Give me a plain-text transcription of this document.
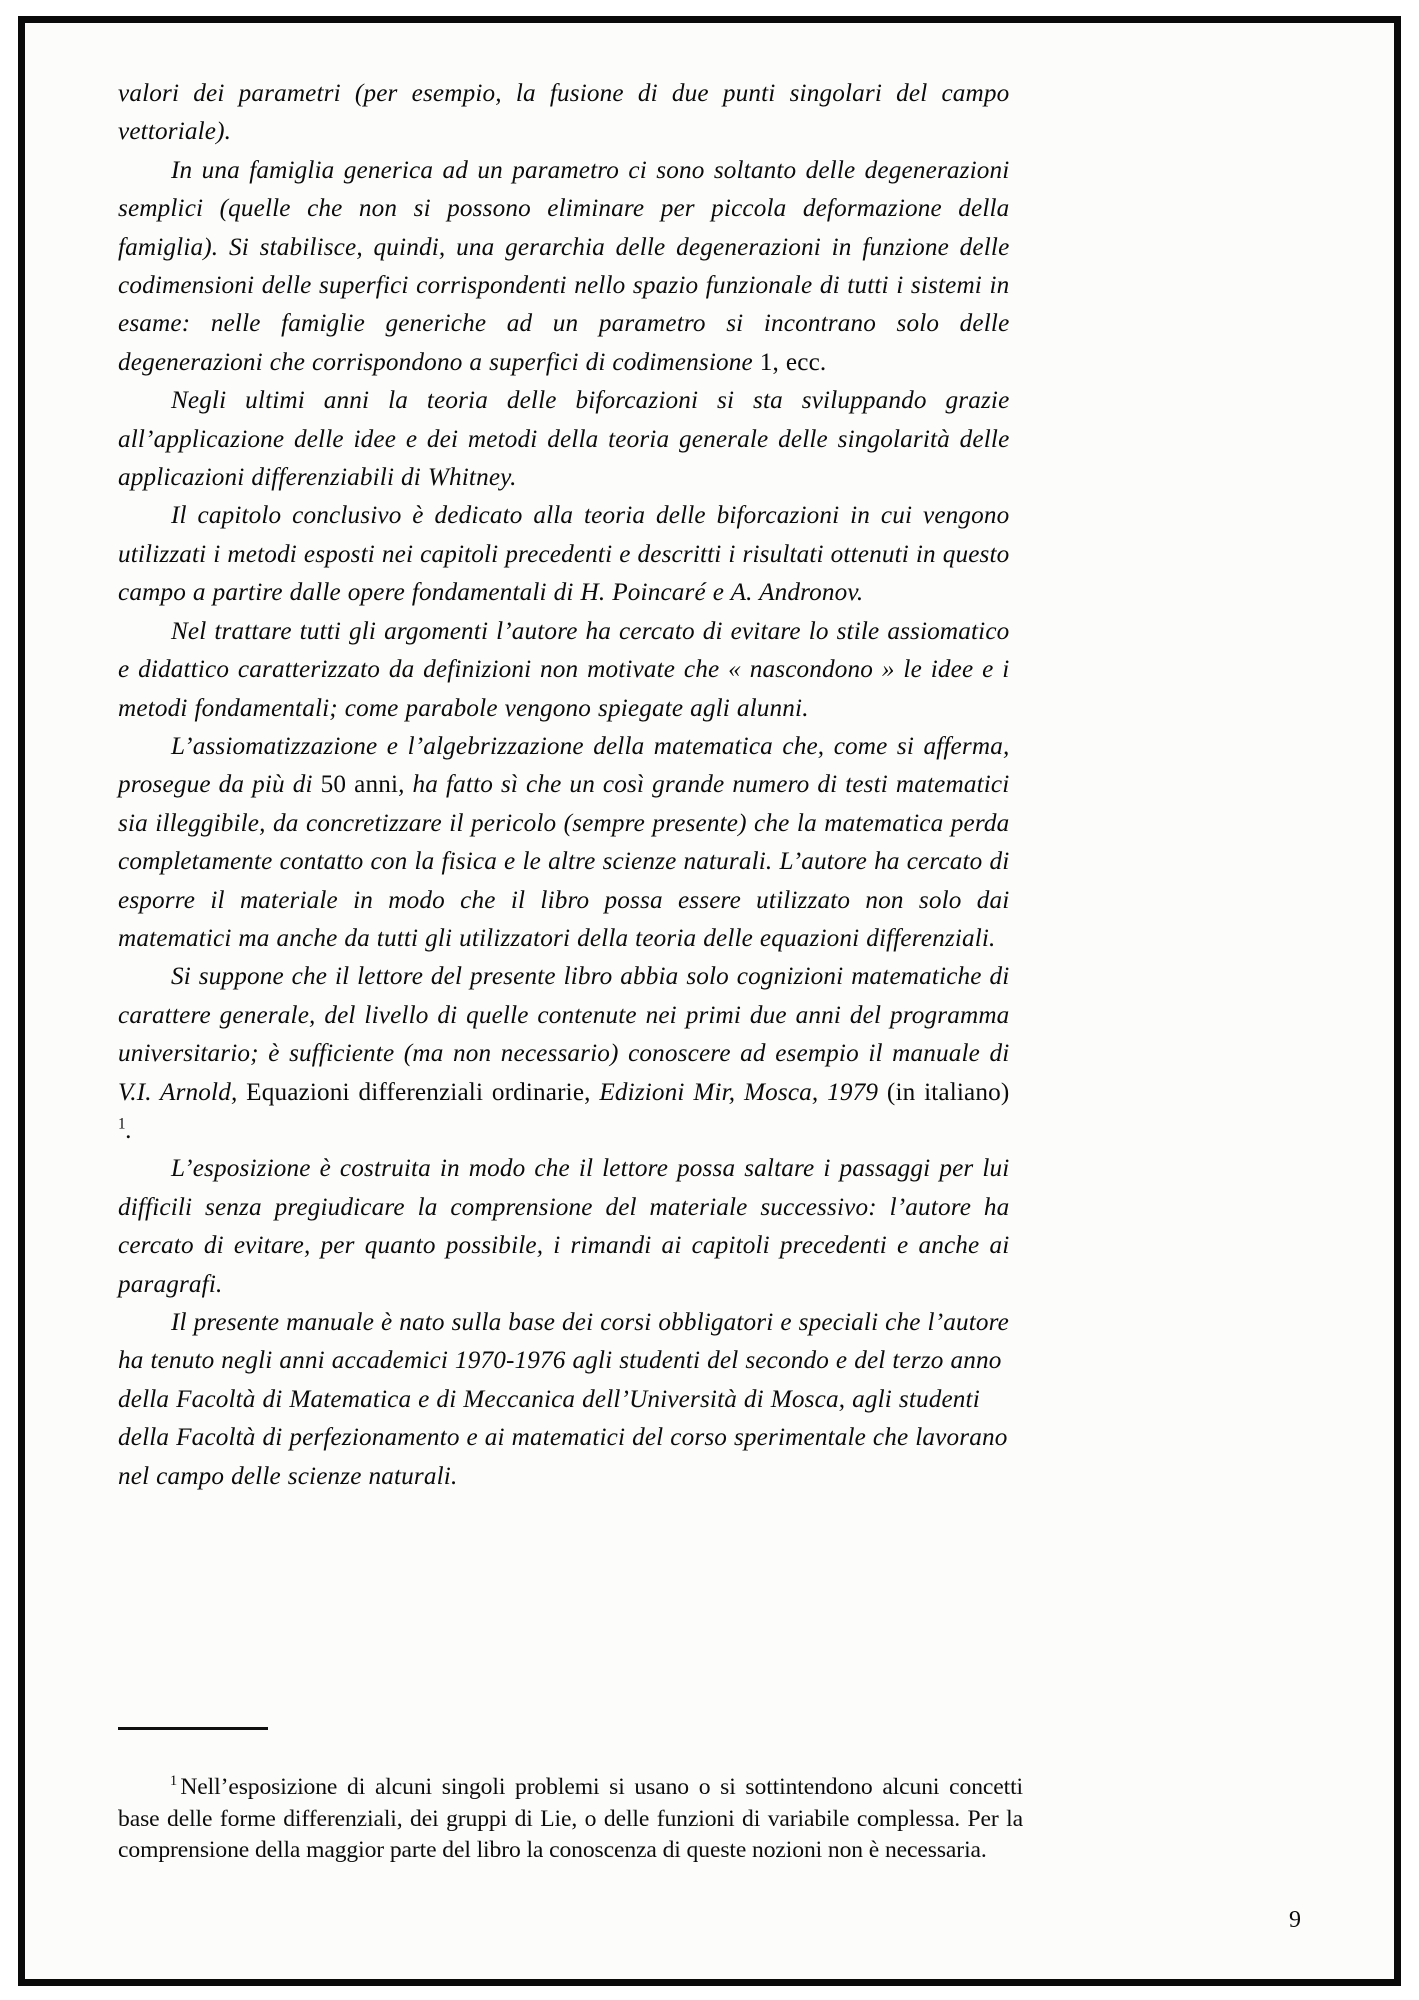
valori dei parametri (per esempio, la fusione di due punti singolari del campo vettoriale).

In una famiglia generica ad un parametro ci sono soltanto delle degenerazioni semplici (quelle che non si possono eliminare per piccola deformazione della famiglia). Si stabilisce, quindi, una gerarchia delle degenerazioni in funzione delle codimensioni delle superfici corrispondenti nello spazio funzionale di tutti i sistemi in esame: nelle famiglie generiche ad un parametro si incontrano solo delle degenerazioni che corrispondono a superfici di codimensione 1, ecc.

Negli ultimi anni la teoria delle biforcazioni si sta sviluppando grazie all’applicazione delle idee e dei metodi della teoria generale delle singolarità delle applicazioni differenziabili di Whitney.

Il capitolo conclusivo è dedicato alla teoria delle biforcazioni in cui vengono utilizzati i metodi esposti nei capitoli precedenti e descritti i risultati ottenuti in questo campo a partire dalle opere fondamentali di H. Poincaré e A. Andronov.

Nel trattare tutti gli argomenti l’autore ha cercato di evitare lo stile assiomatico e didattico caratterizzato da definizioni non motivate che « nascondono » le idee e i metodi fondamentali; come parabole vengono spiegate agli alunni.

L’assiomatizzazione e l’algebrizzazione della matematica che, come si afferma, prosegue da più di 50 anni, ha fatto sì che un così grande numero di testi matematici sia illeggibile, da concretizzare il pericolo (sempre presente) che la matematica perda completamente contatto con la fisica e le altre scienze naturali. L’autore ha cercato di esporre il materiale in modo che il libro possa essere utilizzato non solo dai matematici ma anche da tutti gli utilizzatori della teoria delle equazioni differenziali.

Si suppone che il lettore del presente libro abbia solo cognizioni matematiche di carattere generale, del livello di quelle contenute nei primi due anni del programma universitario; è sufficiente (ma non necessario) conoscere ad esempio il manuale di V.I. Arnold, Equazioni differenziali ordinarie, Edizioni Mir, Mosca, 1979 (in italiano) $^1$.

L’esposizione è costruita in modo che il lettore possa saltare i passaggi per lui difficili senza pregiudicare la comprensione del materiale successivo: l’autore ha cercato di evitare, per quanto possibile, i rimandi ai capitoli precedenti e anche ai paragrafi.

Il presente manuale è nato sulla base dei corsi obbligatori e speciali che l’autore ha tenuto negli anni accademici 1970-1976 agli studenti del secondo e del terzo anno della Facoltà di Matematica e di Meccanica dell’Università di Mosca, agli studenti della Facoltà di perfezionamento e ai matematici del corso sperimentale che lavorano nel campo delle scienze naturali.

$^1$ Nell’esposizione di alcuni singoli problemi si usano o si sottintendono alcuni concetti base delle forme differenziali, dei gruppi di Lie, o delle funzioni di variabile complessa. Per la comprensione della maggior parte del libro la conoscenza di queste nozioni non è necessaria.

9
